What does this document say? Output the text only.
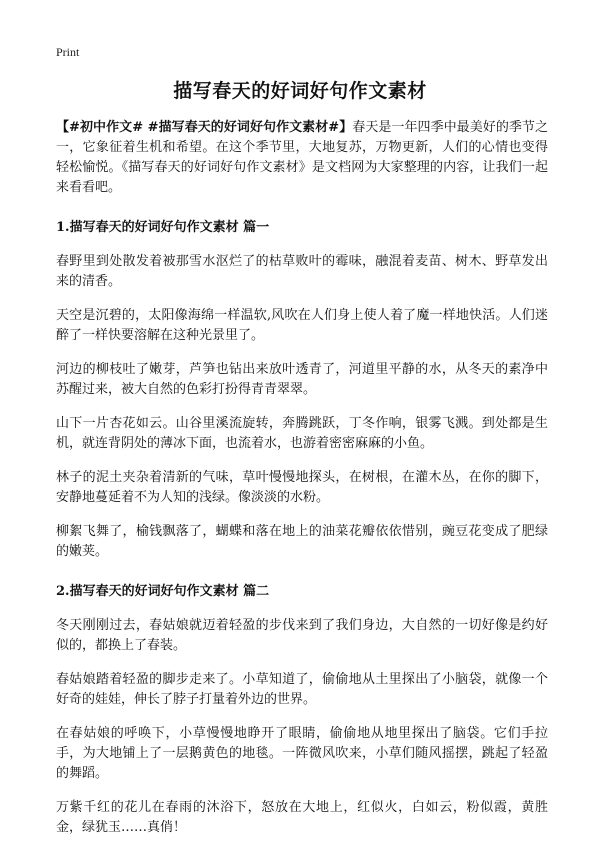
Print
描写春天的好词好句作文素材

【#初中作文# #描写春天的好词好句作文素材#】春天是一年四季中最美好的季节之一，它象征着生机和希望。在这个季节里，大地复苏，万物更新，人们的心情也变得轻松愉悦。《描写春天的好词好句作文素材》是文档网为大家整理的内容，让我们一起来看看吧。

1.描写春天的好词好句作文素材 篇一

春野里到处散发着被那雪水沤烂了的枯草败叶的霉味，融混着麦苗、树木、野草发出来的清香。

天空是沉碧的，太阳像海绵一样温软,风吹在人们身上使人着了魔一样地快活。人们迷醉了一样快要溶解在这种光景里了。

河边的柳枝吐了嫩芽，芦笋也钻出来放叶透青了，河道里平静的水，从冬天的素净中苏醒过来，被大自然的色彩打扮得青青翠翠。

山下一片杏花如云。山谷里溪流旋转，奔腾跳跃，丁冬作响，银雾飞溅。到处都是生机，就连背阴处的薄冰下面，也流着水，也游着密密麻麻的小鱼。

林子的泥土夹杂着清新的气味，草叶慢慢地探头，在树根，在灌木丛，在你的脚下，安静地蔓延着不为人知的浅绿。像淡淡的水粉。

柳絮飞舞了，榆钱飘落了，蝴蝶和落在地上的油菜花瓣依依惜别，豌豆花变成了肥绿的嫩荚。

2.描写春天的好词好句作文素材 篇二

冬天刚刚过去，春姑娘就迈着轻盈的步伐来到了我们身边，大自然的一切好像是约好似的，都换上了春装。

春姑娘踏着轻盈的脚步走来了。小草知道了，偷偷地从土里探出了小脑袋，就像一个好奇的娃娃，伸长了脖子打量着外边的世界。

在春姑娘的呼唤下，小草慢慢地睁开了眼睛，偷偷地从地里探出了脑袋。它们手拉手，为大地铺上了一层鹅黄色的地毯。一阵微风吹来，小草们随风摇摆，跳起了轻盈的舞蹈。

万紫千红的花儿在春雨的沐浴下，怒放在大地上，红似火，白如云，粉似霞，黄胜金，绿犹玉……真俏！
